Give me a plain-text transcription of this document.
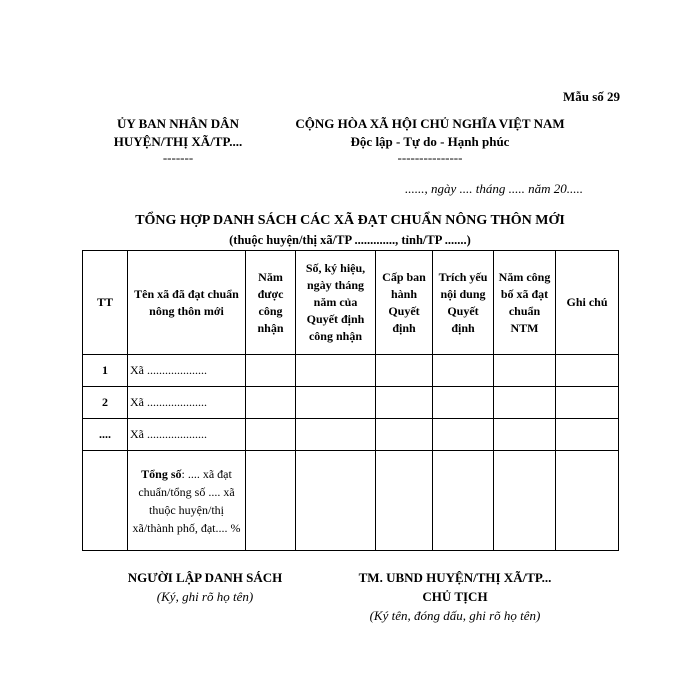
Mẫu số 29
ỦY BAN NHÂN DÂN
HUYỆN/THỊ XÃ/TP....
-------
CỘNG HÒA XÃ HỘI CHỦ NGHĨA VIỆT NAM
Độc lập - Tự do - Hạnh phúc
---------------
......, ngày .... tháng ..... năm 20.....
TỔNG HỢP DANH SÁCH CÁC XÃ ĐẠT CHUẨN NÔNG THÔN MỚI
(thuộc huyện/thị xã/TP ............., tỉnh/TP .......)
TT	Tên xã đã đạt chuẩn nông thôn mới	Năm được công nhận	Số, ký hiệu, ngày tháng năm của Quyết định công nhận	Cấp ban hành Quyết định	Trích yếu nội dung Quyết định	Năm công bố xã đạt chuẩn NTM	Ghi chú
1	Xã ....................						
2	Xã ....................						
....	Xã ....................						
	Tổng số: .... xã đạt chuẩn/tổng số .... xã thuộc huyện/thị xã/thành phố, đạt.... %						
NGƯỜI LẬP DANH SÁCH
(Ký, ghi rõ họ tên)
TM. UBND HUYỆN/THỊ XÃ/TP...
CHỦ TỊCH
(Ký tên, đóng dấu, ghi rõ họ tên)
